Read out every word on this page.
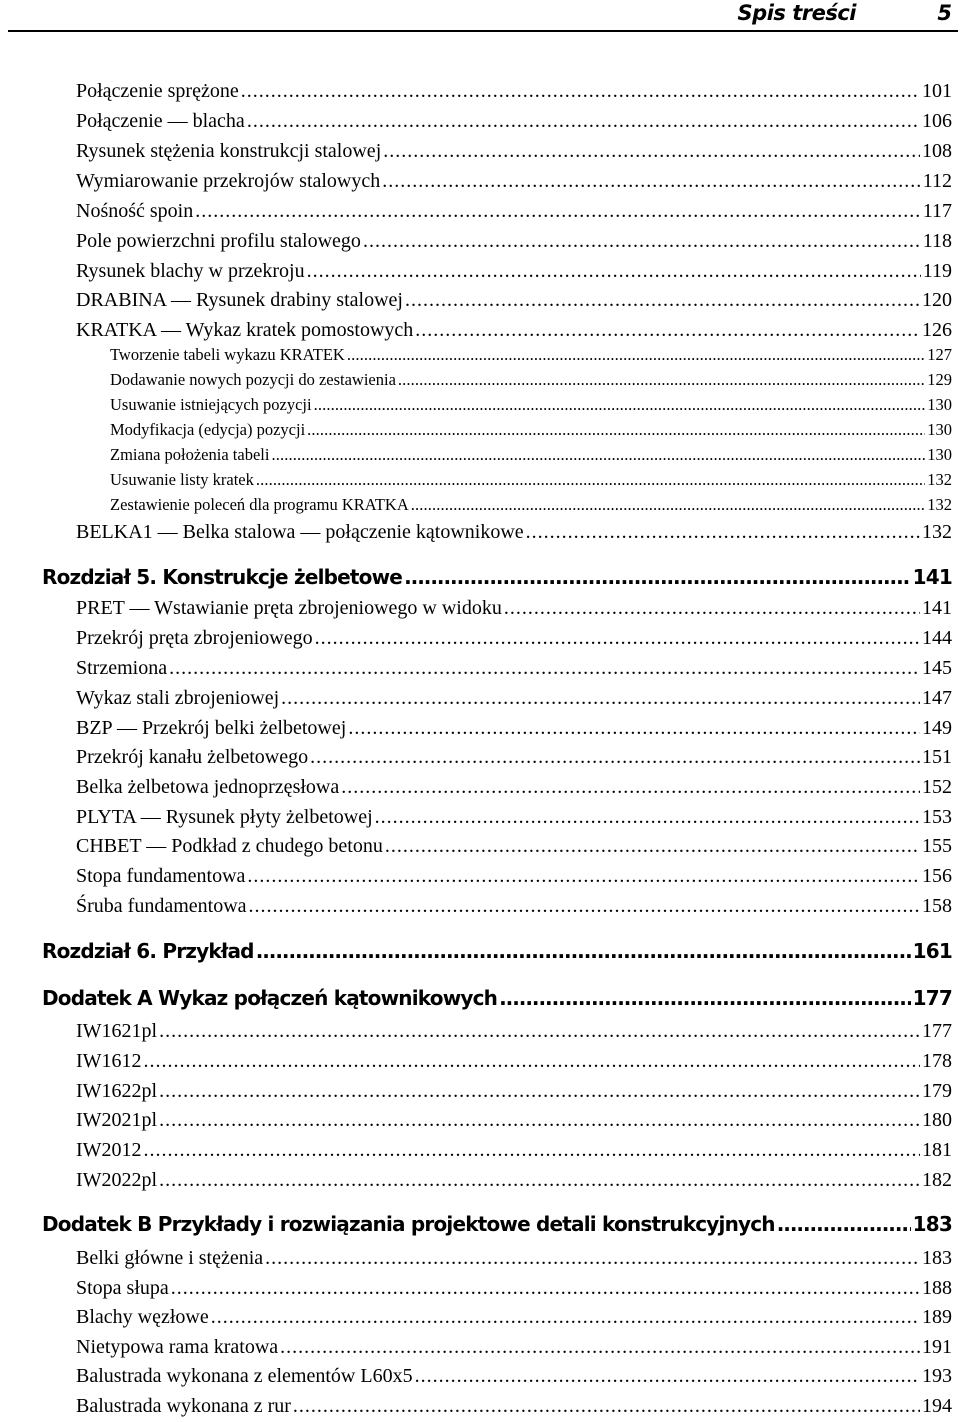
Spis treści	5
Połączenie sprężone . . .	101
Połączenie — blacha . . .	106
Rysunek stężenia konstrukcji stalowej . . .	108
Wymiarowanie przekrojów stalowych . . .	112
Nośność spoin . . .	117
Pole powierzchni profilu stalowego . . .	118
Rysunek blachy w przekroju . . .	119
DRABINA — Rysunek drabiny stalowej . . .	120
KRATKA — Wykaz kratek pomostowych . . .	126
Tworzenie tabeli wykazu KRATEK . . .	127
Dodawanie nowych pozycji do zestawienia . . .	129
Usuwanie istniejących pozycji . . .	130
Modyfikacja (edycja) pozycji . . .	130
Zmiana położenia tabeli . . .	130
Usuwanie listy kratek . . .	132
Zestawienie poleceń dla programu KRATKA . . .	132
BELKA1 — Belka stalowa — połączenie kątownikowe . . .	132
Rozdział 5. Konstrukcje żelbetowe . . .	141
PRET — Wstawianie pręta zbrojeniowego w widoku . . .	141
Przekrój pręta zbrojeniowego . . .	144
Strzemiona . . .	145
Wykaz stali zbrojeniowej . . .	147
BZP — Przekrój belki żelbetowej . . .	149
Przekrój kanału żelbetowego . . .	151
Belka żelbetowa jednoprzęsłowa . . .	152
PLYTA — Rysunek płyty żelbetowej . . .	153
CHBET — Podkład z chudego betonu . . .	155
Stopa fundamentowa . . .	156
Śruba fundamentowa . . .	158
Rozdział 6. Przykład . . .	161
Dodatek A Wykaz połączeń kątownikowych . . .	177
IW1621pl . . .	177
IW1612 . . .	178
IW1622pl . . .	179
IW2021pl . . .	180
IW2012 . . .	181
IW2022pl . . .	182
Dodatek B Przykłady i rozwiązania projektowe detali konstrukcyjnych . . .	183
Belki główne i stężenia . . .	183
Stopa słupa . . .	188
Blachy węzłowe . . .	189
Nietypowa rama kratowa . . .	191
Balustrada wykonana z elementów L60x5 . . .	193
Balustrada wykonana z rur . . .	194
